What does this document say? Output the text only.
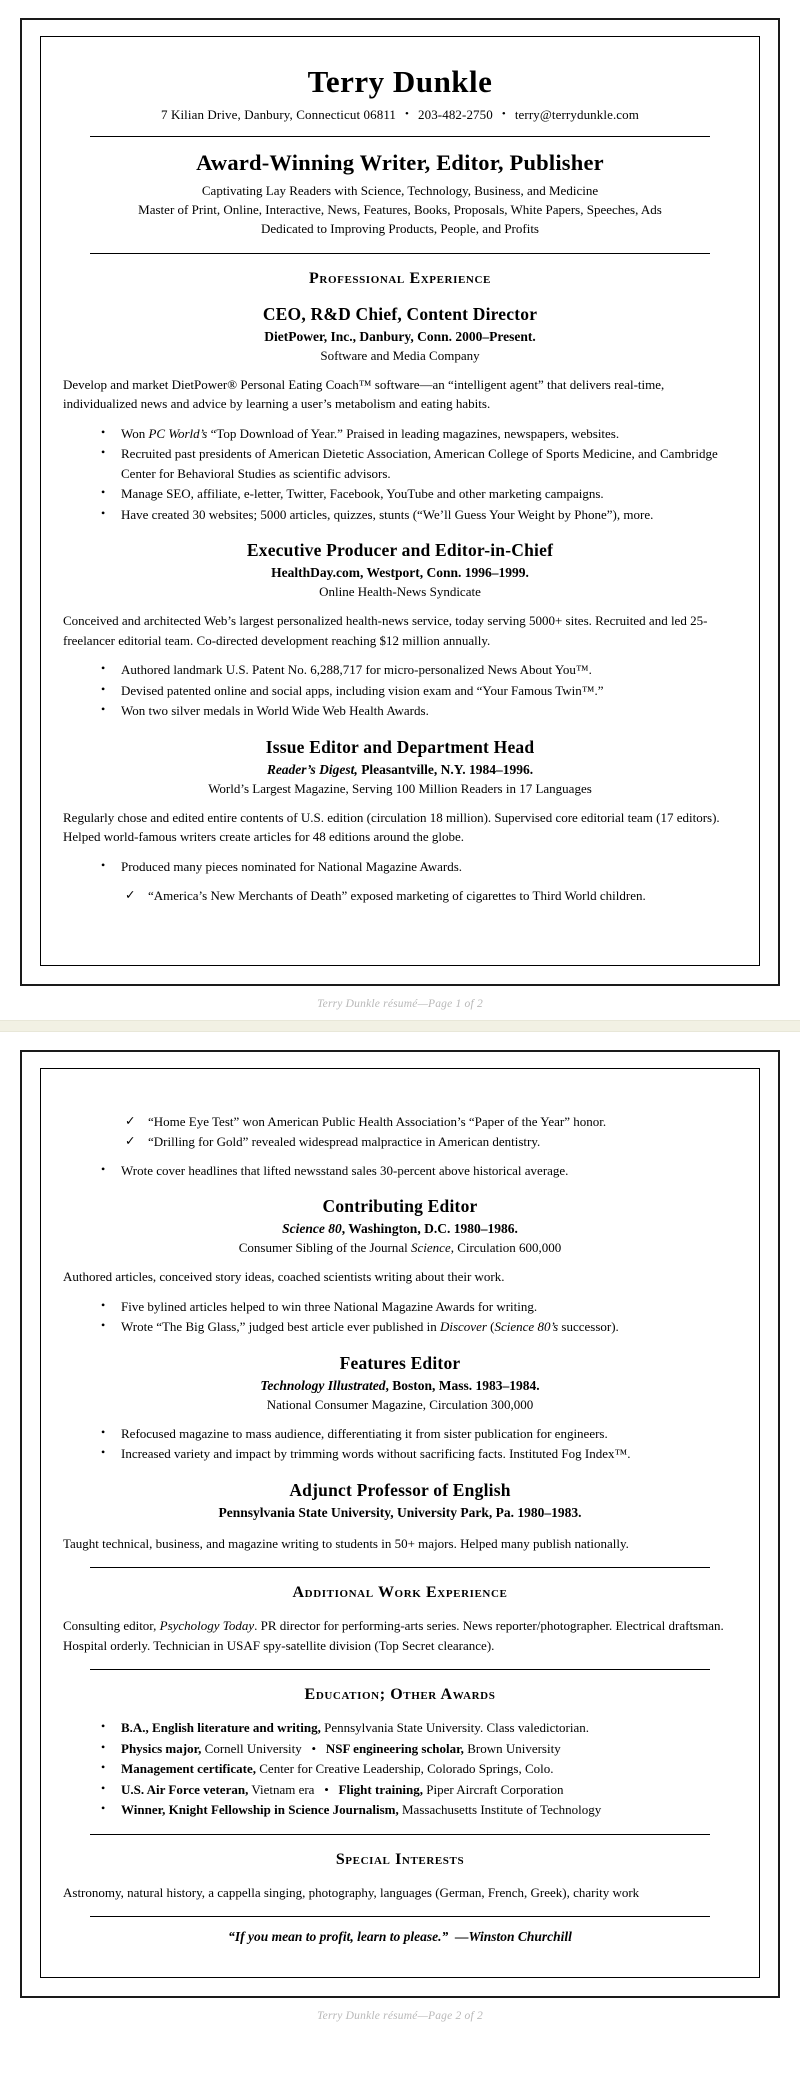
Terry Dunkle
7 Kilian Drive, Danbury, Connecticut 06811 • 203-482-2750 • terry@terrydunkle.com
Award-Winning Writer, Editor, Publisher
Captivating Lay Readers with Science, Technology, Business, and Medicine
Master of Print, Online, Interactive, News, Features, Books, Proposals, White Papers, Speeches, Ads
Dedicated to Improving Products, People, and Profits
Professional Experience
CEO, R&D Chief, Content Director
DietPower, Inc., Danbury, Conn. 2000–Present.
Software and Media Company

Develop and market DietPower® Personal Eating Coach™ software—an “intelligent agent” that delivers real-time, individualized news and advice by learning a user’s metabolism and eating habits.

• Won PC World’s “Top Download of Year.” Praised in leading magazines, newspapers, websites.
• Recruited past presidents of American Dietetic Association, American College of Sports Medicine, and Cambridge Center for Behavioral Studies as scientific advisors.
• Manage SEO, affiliate, e-letter, Twitter, Facebook, YouTube and other marketing campaigns.
• Have created 30 websites; 5000 articles, quizzes, stunts (“We’ll Guess Your Weight by Phone”), more.
Executive Producer and Editor-in-Chief
HealthDay.com, Westport, Conn. 1996–1999.
Online Health-News Syndicate

Conceived and architected Web’s largest personalized health-news service, today serving 5000+ sites. Recruited and led 25-freelancer editorial team. Co-directed development reaching $12 million annually.

• Authored landmark U.S. Patent No. 6,288,717 for micro-personalized News About You™.
• Devised patented online and social apps, including vision exam and “Your Famous Twin™.”
• Won two silver medals in World Wide Web Health Awards.
Issue Editor and Department Head
Reader’s Digest, Pleasantville, N.Y. 1984–1996.
World’s Largest Magazine, Serving 100 Million Readers in 17 Languages

Regularly chose and edited entire contents of U.S. edition (circulation 18 million). Supervised core editorial team (17 editors). Helped world-famous writers create articles for 48 editions around the globe.

• Produced many pieces nominated for National Magazine Awards.
✓ “America’s New Merchants of Death” exposed marketing of cigarettes to Third World children.
Terry Dunkle résumé—Page 1 of 2
✓ “Home Eye Test” won American Public Health Association’s “Paper of the Year” honor.
✓ “Drilling for Gold” revealed widespread malpractice in American dentistry.
• Wrote cover headlines that lifted newsstand sales 30-percent above historical average.
Contributing Editor
Science 80, Washington, D.C. 1980–1986.
Consumer Sibling of the Journal Science, Circulation 600,000

Authored articles, conceived story ideas, coached scientists writing about their work.

• Five bylined articles helped to win three National Magazine Awards for writing.
• Wrote “The Big Glass,” judged best article ever published in Discover (Science 80’s successor).
Features Editor
Technology Illustrated, Boston, Mass. 1983–1984.
National Consumer Magazine, Circulation 300,000
• Refocused magazine to mass audience, differentiating it from sister publication for engineers.
• Increased variety and impact by trimming words without sacrificing facts. Instituted Fog Index™.
Adjunct Professor of English
Pennsylvania State University, University Park, Pa. 1980–1983.

Taught technical, business, and magazine writing to students in 50+ majors. Helped many publish nationally.

Additional Work Experience

Consulting editor, Psychology Today. PR director for performing-arts series. News reporter/photographer. Electrical draftsman. Hospital orderly. Technician in USAF spy-satellite division (Top Secret clearance).

Education; Other Awards
• B.A., English literature and writing, Pennsylvania State University. Class valedictorian.
• Physics major, Cornell University   •   NSF engineering scholar, Brown University
• Management certificate, Center for Creative Leadership, Colorado Springs, Colo.
• U.S. Air Force veteran, Vietnam era   •   Flight training, Piper Aircraft Corporation
• Winner, Knight Fellowship in Science Journalism, Massachusetts Institute of Technology
Special Interests

Astronomy, natural history, a cappella singing, photography, languages (German, French, Greek), charity work

“If you mean to profit, learn to please.”  —Winston Churchill
Terry Dunkle résumé—Page 2 of 2
